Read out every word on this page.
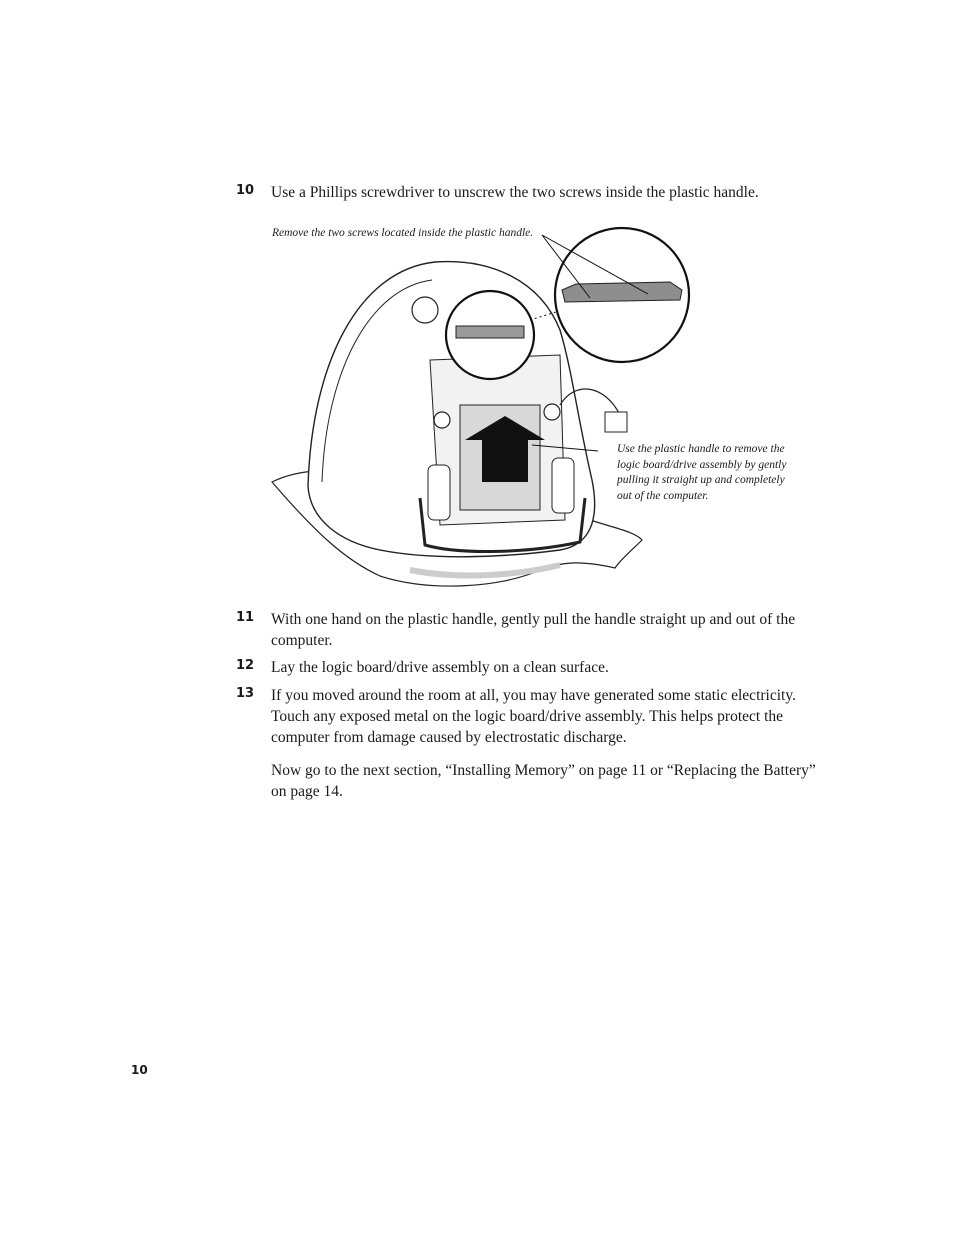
10 Use a Phillips screwdriver to unscrew the two screws inside the plastic handle.
Remove the two screws located inside the plastic handle.
Use the plastic handle to remove the logic board/drive assembly by gently pulling it straight up and completely out of the computer.
11 With one hand on the plastic handle, gently pull the handle straight up and out of the computer.
12 Lay the logic board/drive assembly on a clean surface.
13 If you moved around the room at all, you may have generated some static electricity. Touch any exposed metal on the logic board/drive assembly. This helps protect the computer from damage caused by electrostatic discharge.
Now go to the next section, “Installing Memory” on page 11 or “Replacing the Battery” on page 14.
10
